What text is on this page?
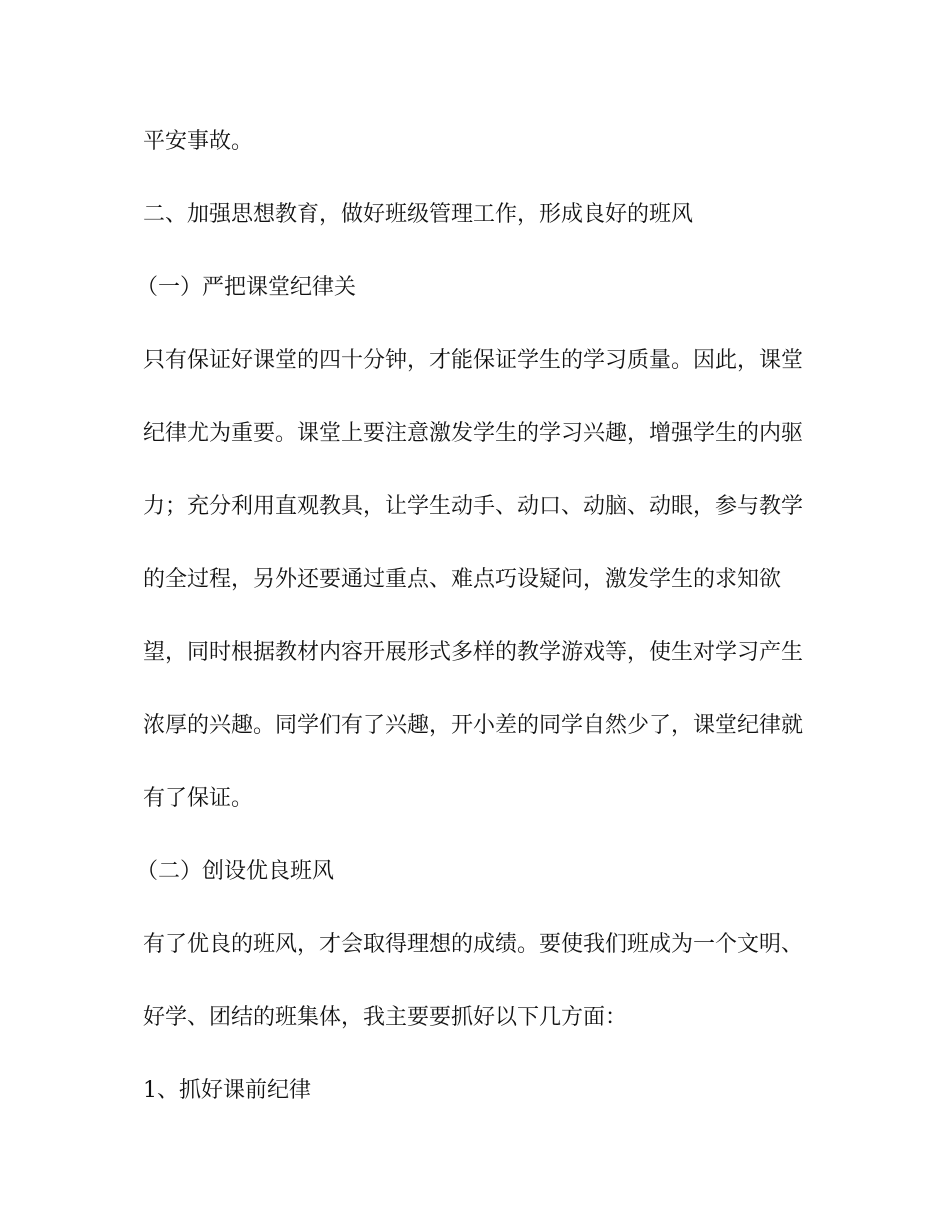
平安事故。
二、加强思想教育，做好班级管理工作，形成良好的班风
（一）严把课堂纪律关
只有保证好课堂的四十分钟，才能保证学生的学习质量。因此，课堂
纪律尤为重要。课堂上要注意激发学生的学习兴趣，增强学生的内驱
力；充分利用直观教具，让学生动手、动口、动脑、动眼，参与教学
的全过程，另外还要通过重点、难点巧设疑问，激发学生的求知欲
望，同时根据教材内容开展形式多样的教学游戏等，使生对学习产生
浓厚的兴趣。同学们有了兴趣，开小差的同学自然少了，课堂纪律就
有了保证。
（二）创设优良班风
有了优良的班风，才会取得理想的成绩。要使我们班成为一个文明、
好学、团结的班集体，我主要要抓好以下几方面：
1、抓好课前纪律
